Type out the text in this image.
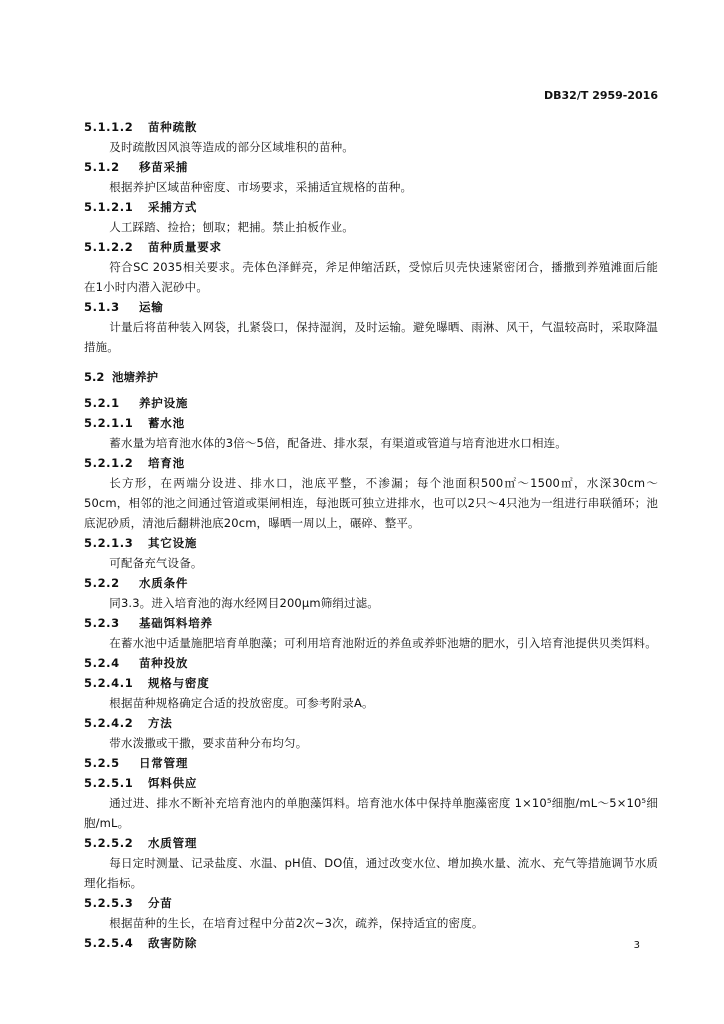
DB32/T 2959-2016
5.1.1.2	苗种疏散
及时疏散因风浪等造成的部分区域堆积的苗种。
5.1.2	移苗采捕
根据养护区域苗种密度、市场要求，采捕适宜规格的苗种。
5.1.2.1	采捕方式
人工踩踏、捡拾；刨取；耙捕。禁止拍板作业。
5.1.2.2	苗种质量要求
符合SC 2035相关要求。壳体色泽鲜亮，斧足伸缩活跃，受惊后贝壳快速紧密闭合，播撒到养殖滩面后能在1小时内潜入泥砂中。
5.1.3	运输
计量后将苗种装入网袋，扎紧袋口，保持湿润，及时运输。避免曝晒、雨淋、风干，气温较高时，采取降温措施。
5.2 池塘养护
5.2.1	养护设施
5.2.1.1	蓄水池
蓄水量为培育池水体的3倍～5倍，配备进、排水泵，有渠道或管道与培育池进水口相连。
5.2.1.2	培育池
长方形，在两端分设进、排水口，池底平整，不渗漏；每个池面积500㎡～1500㎡，水深30cm～50cm，相邻的池之间通过管道或渠闸相连，每池既可独立进排水，也可以2只～4只池为一组进行串联循环；池底泥砂质，清池后翻耕池底20cm，曝晒一周以上，碾碎、整平。
5.2.1.3	其它设施
可配备充气设备。
5.2.2	水质条件
同3.3。进入培育池的海水经网目200μm筛绢过滤。
5.2.3	基础饵料培养
在蓄水池中适量施肥培育单胞藻；可利用培育池附近的养鱼或养虾池塘的肥水，引入培育池提供贝类饵料。
5.2.4	苗种投放
5.2.4.1	规格与密度
根据苗种规格确定合适的投放密度。可参考附录A。
5.2.4.2	方法
带水泼撒或干撒，要求苗种分布均匀。
5.2.5	日常管理
5.2.5.1	饵料供应
通过进、排水不断补充培育池内的单胞藻饵料。培育池水体中保持单胞藻密度 1×10⁵细胞/mL～5×10⁵细胞/mL。
5.2.5.2	水质管理
每日定时测量、记录盐度、水温、pH值、DO值，通过改变水位、增加换水量、流水、充气等措施调节水质理化指标。
5.2.5.3	分苗
根据苗种的生长，在培育过程中分苗2次~3次，疏养，保持适宜的密度。
5.2.5.4	敌害防除	3
